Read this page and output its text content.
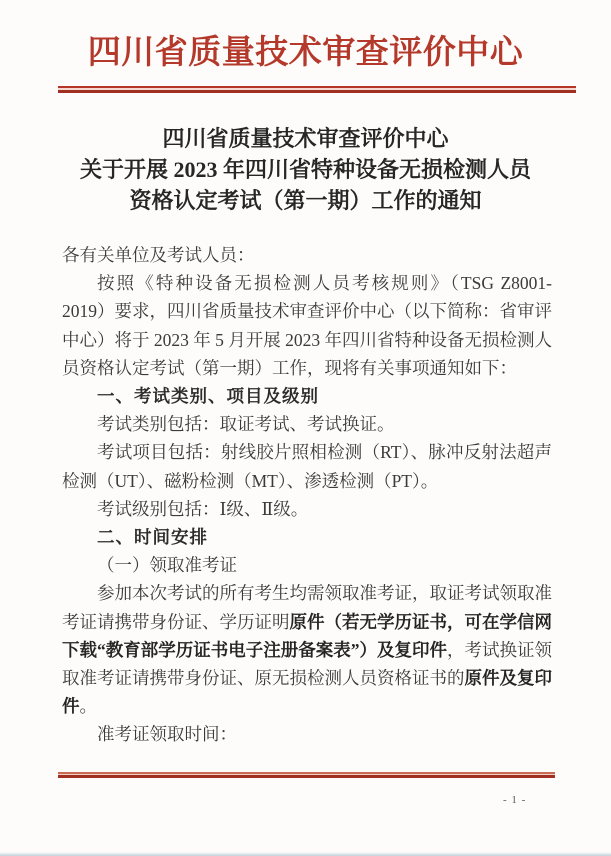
四川省质量技术审查评价中心
四川省质量技术审查评价中心
关于开展 2023 年四川省特种设备无损检测人员
资格认定考试（第一期）工作的通知

各有关单位及考试人员：

按照《特种设备无损检测人员考核规则》（TSG Z8001-2019）要求，四川省质量技术审查评价中心（以下简称：省审评中心）将于 2023 年 5 月开展 2023 年四川省特种设备无损检测人员资格认定考试（第一期）工作，现将有关事项通知如下：

一、考试类别、项目及级别

考试类别包括：取证考试、考试换证。

考试项目包括：射线胶片照相检测（RT）、脉冲反射法超声检测（UT）、磁粉检测（MT）、渗透检测（PT）。

考试级别包括：Ⅰ级、Ⅱ级。

二、时间安排

（一）领取准考证

参加本次考试的所有考生均需领取准考证，取证考试领取准考证请携带身份证、学历证明原件（若无学历证书，可在学信网下载“教育部学历证书电子注册备案表”）及复印件，考试换证领取准考证请携带身份证、原无损检测人员资格证书的原件及复印件。

准考证领取时间：

- 1 -
